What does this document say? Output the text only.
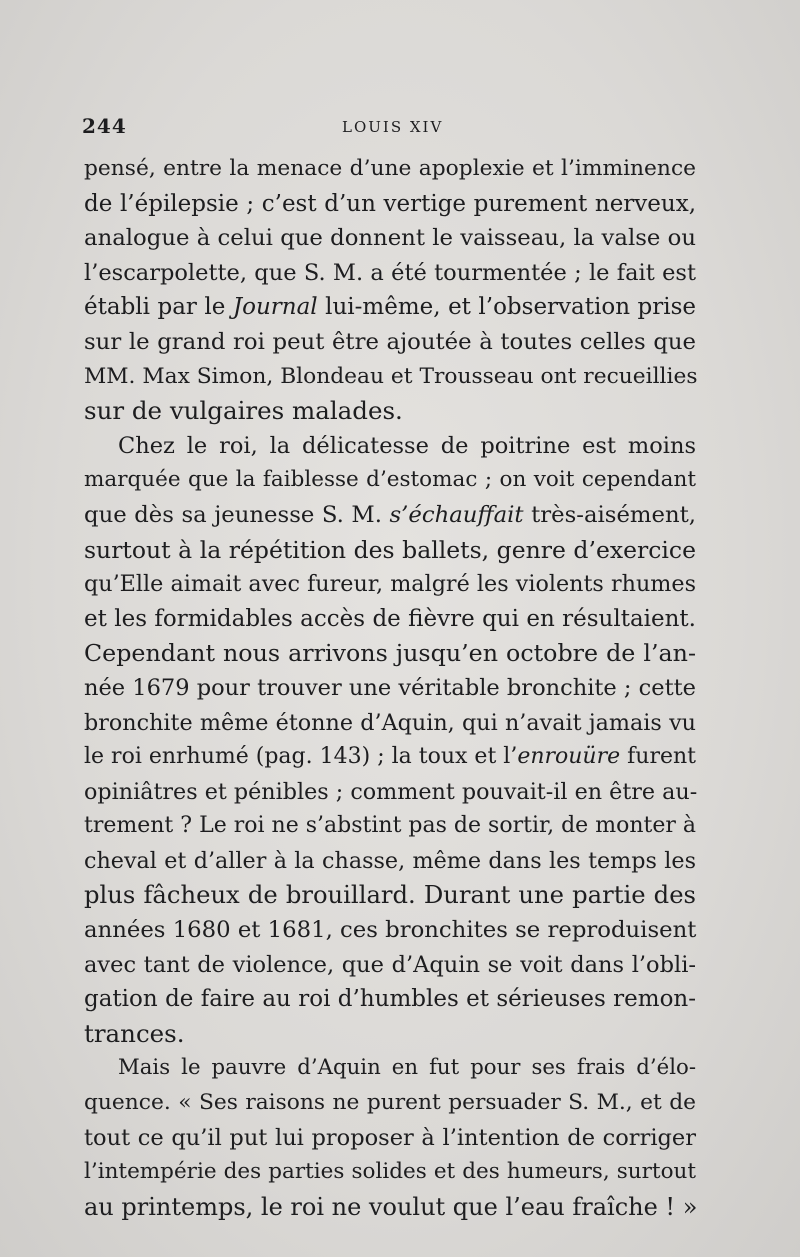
244	LOUIS XIV
pensé, entre la menace d’une apoplexie et l’imminence
de l’épilepsie ; c’est d’un vertige purement nerveux,
analogue à celui que donnent le vaisseau, la valse ou
l’escarpolette, que S. M. a été tourmentée ; le fait est
établi par le Journal lui-même, et l’observation prise
sur le grand roi peut être ajoutée à toutes celles que
MM. Max Simon, Blondeau et Trousseau ont recueillies
sur de vulgaires malades.
Chez le roi, la délicatesse de poitrine est moins
marquée que la faiblesse d’estomac ; on voit cependant
que dès sa jeunesse S. M. s’échauffait très-aisément,
surtout à la répétition des ballets, genre d’exercice
qu’Elle aimait avec fureur, malgré les violents rhumes
et les formidables accès de fièvre qui en résultaient.
Cependant nous arrivons jusqu’en octobre de l’an-
née 1679 pour trouver une véritable bronchite ; cette
bronchite même étonne d’Aquin, qui n’avait jamais vu
le roi enrhumé (pag. 143) ; la toux et l’enrouüre furent
opiniâtres et pénibles ; comment pouvait-il en être au-
trement ? Le roi ne s’abstint pas de sortir, de monter à
cheval et d’aller à la chasse, même dans les temps les
plus fâcheux de brouillard. Durant une partie des
années 1680 et 1681, ces bronchites se reproduisent
avec tant de violence, que d’Aquin se voit dans l’obli-
gation de faire au roi d’humbles et sérieuses remon-
trances.
Mais le pauvre d’Aquin en fut pour ses frais d’élo-
quence. « Ses raisons ne purent persuader S. M., et de
tout ce qu’il put lui proposer à l’intention de corriger
l’intempérie des parties solides et des humeurs, surtout
au printemps, le roi ne voulut que l’eau fraîche ! »
